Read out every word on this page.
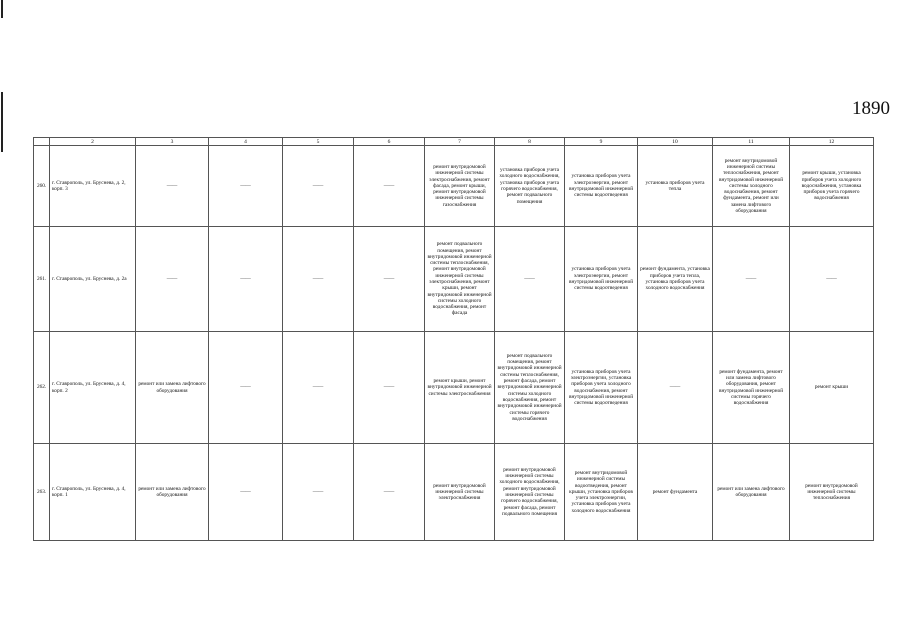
1890
	2	3	4	5	6	7	8	9	10	11	12
260.	г. Ставрополь, ул. Бруснева, д. 2, корп. 3	——	——	——	——	ремонт внутридомовой инженерной системы электроснабжения, ремонт фасада, ремонт крыши, ремонт внутридомовой инженерной системы газоснабжения	установка приборов учета холодного водоснабжения, установка приборов учета горячего водоснабжения, ремонт подвального помещения	установка приборов учета электроэнергии, ремонт внутридомовой инженерной системы водоотведения	установка приборов учета тепла	ремонт внутридомовой инженерной системы теплоснабжения, ремонт внутридомовой инженерной системы холодного водоснабжения, ремонт фундамента, ремонт или замена лифтового оборудования	ремонт крыши, установка приборов учета холодного водоснабжения, установка приборов учета горячего водоснабжения
261.	г. Ставрополь, ул. Бруснева, д. 2а	——	——	——	——	ремонт подвального помещения, ремонт внутридомовой инженерной системы теплоснабжения, ремонт внутридомовой инженерной системы электроснабжения, ремонт крыши, ремонт внутридомовой инженерной системы холодного водоснабжения, ремонт фасада	——	установка приборов учета электроэнергии, ремонт внутридомовой инженерной системы водоотведения	ремонт фундамента, установка приборов учета тепла, установка приборов учета холодного водоснабжения	——	——
262.	г. Ставрополь, ул. Бруснева, д. 4, корп. 2	ремонт или замена лифтового оборудования	——	——	——	ремонт крыши, ремонт внутридомовой инженерной системы электроснабжения	ремонт подвального помещения, ремонт внутридомовой инженерной системы теплоснабжения, ремонт фасада, ремонт внутридомовой инженерной системы холодного водоснабжения, ремонт внутридомовой инженерной системы горячего водоснабжения	установка приборов учета электроэнергии, установка приборов учета холодного водоснабжения, ремонт внутридомовой инженерной системы водоотведения	——	ремонт фундамента, ремонт или замена лифтового оборудования, ремонт внутридомовой инженерной системы горячего водоснабжения	ремонт крыши
263.	г. Ставрополь, ул. Бруснева, д. 4, корп. 1	ремонт или замена лифтового оборудования	——	——	——	ремонт внутридомовой инженерной системы электроснабжения	ремонт внутридомовой инженерной системы холодного водоснабжения, ремонт внутридомовой инженерной системы горячего водоснабжения, ремонт фасада, ремонт подвального помещения	ремонт внутридомовой инженерной системы водоотведения, ремонт крыши, установка приборов учета электроэнергии, установка приборов учета холодного водоснабжения	ремонт фундамента	ремонт или замена лифтового оборудования	ремонт внутридомовой инженерной системы теплоснабжения
